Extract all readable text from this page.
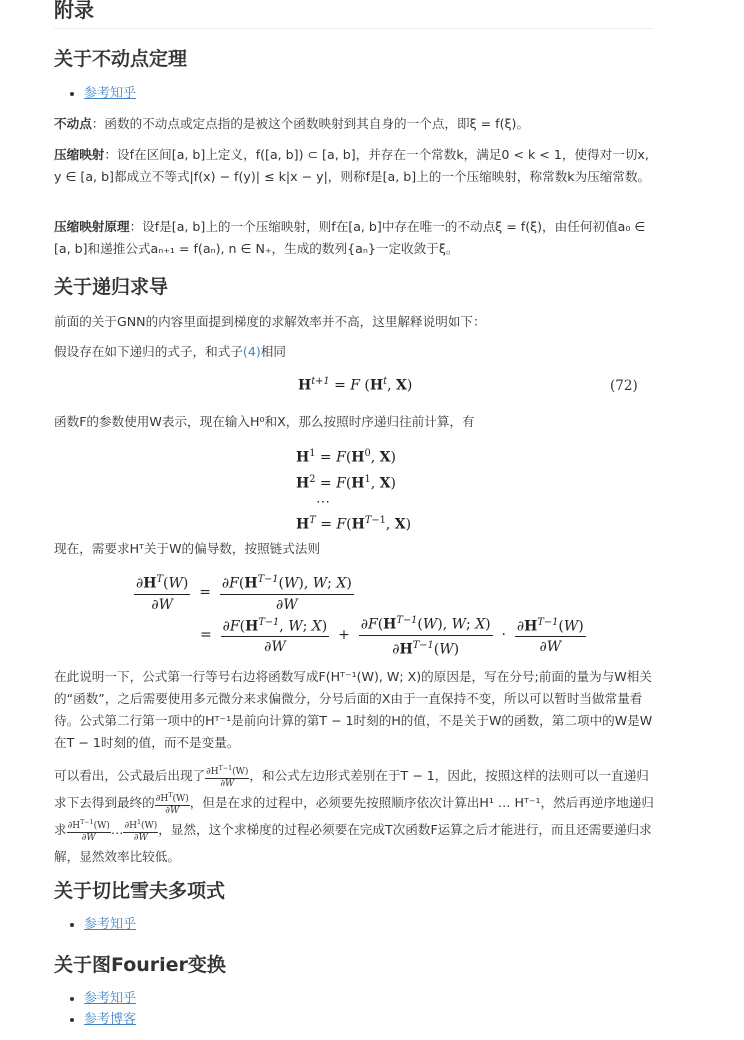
附录
关于不动点定理
• 参考知乎

不动点：函数的不动点或定点指的是被这个函数映射到其自身的一个点，即ξ = f(ξ)。

压缩映射：设f在区间[a, b]上定义，f([a, b]) ⊂ [a, b]，并存在一个常数k，满足0 < k < 1，使得对一切x, y ∈ [a, b]都成立不等式|f(x) − f(y)| ≤ k|x − y|，则称f是[a, b]上的一个压缩映射，称常数k为压缩常数。

压缩映射原理：设f是[a, b]上的一个压缩映射，则f在[a, b]中存在唯一的不动点ξ = f(ξ)，由任何初值a₀ ∈ [a, b]和递推公式aₙ₊₁ = f(aₙ), n ∈ N₊，生成的数列{aₙ}一定收敛于ξ。

关于递归求导

前面的关于GNN的内容里面提到梯度的求解效率并不高，这里解释说明如下：

假设存在如下递归的式子，和式子(4)相同

$H^{t+1} = F$ ($H^t$, X)	(72)

函数F的参数使用W表示，现在输入H⁰和X，那么按照时序递归往前计算，有

$H^1 = F(H^0$, X)
$H^2 = F(H^1$, X)
⋯
$H^T = F(H^{T-1}$, X)

现在，需要求Hᵀ关于W的偏导数，按照链式法则

$\frac{\partial H^T(W)}{\partial W} = \frac{\partial F(H^{T-1}(W), W; X)}{\partial W}$
= $\frac{\partial F(H^{T-1}, W; X)}{\partial W} + \frac{\partial F(H^{T-1}(W), W; X)}{\partial H^{T-1}(W)} \cdot \frac{\partial H^{T-1}(W)}{\partial W}$

在此说明一下，公式第一行等号右边将函数写成F(Hᵀ⁻¹(W), W; X)的原因是，写在分号;前面的量为与W相关的“函数”，之后需要使用多元微分来求偏微分，分号后面的X由于一直保持不变，所以可以暂时当做常量看待。公式第二行第一项中的Hᵀ⁻¹是前向计算的第T − 1时刻的H的值，不是关于W的函数，第二项中的W是W在T − 1时刻的值，而不是变量。

可以看出，公式最后出现了 $\frac{\partial H^{T-1}(W)}{\partial W}$ ，和公式左边形式差别在于T − 1，因此，按照这样的法则可以一直递归求下去得到最终的 $\frac{\partial H^T(W)}{\partial W}$ ，但是在求的过程中，必须要先按照顺序依次计算出H¹ … Hᵀ⁻¹，然后再逆序地递归求 $\frac{\partial H^{T-1}(W)}{\partial W}$ … $\frac{\partial H^1(W)}{\partial W}$ ，显然，这个求梯度的过程必须要在完成T次函数F运算之后才能进行，而且还需要递归求解，显然效率比较低。

关于切比雪夫多项式
• 参考知乎
关于图Fourier变换
• 参考知乎
• 参考博客
